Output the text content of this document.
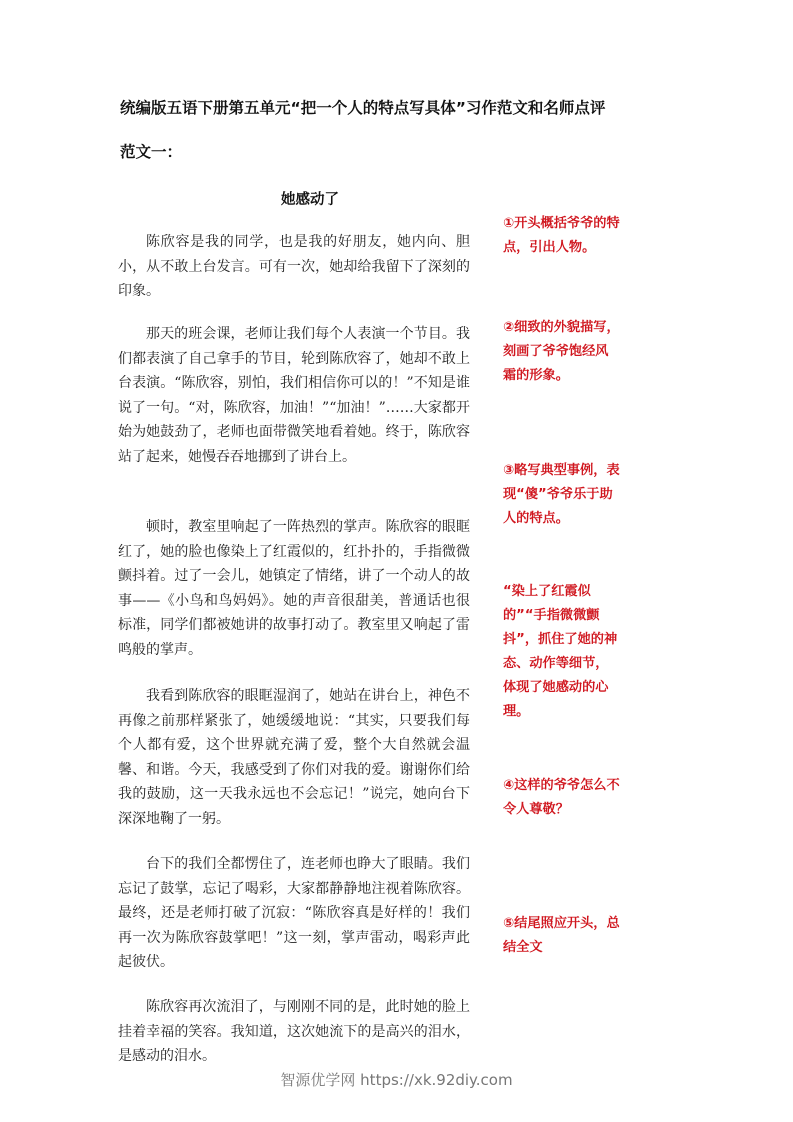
统编版五语下册第五单元“把一个人的特点写具体”习作范文和名师点评
范文一：
她感动了

陈欣容是我的同学，也是我的好朋友，她内向、胆小，从不敢上台发言。可有一次，她却给我留下了深刻的印象。

那天的班会课，老师让我们每个人表演一个节目。我们都表演了自己拿手的节目，轮到陈欣容了，她却不敢上台表演。“陈欣容，别怕，我们相信你可以的！”不知是谁说了一句。“对，陈欣容，加油！”“加油！”……大家都开始为她鼓劲了，老师也面带微笑地看着她。终于，陈欣容站了起来，她慢吞吞地挪到了讲台上。

顿时，教室里响起了一阵热烈的掌声。陈欣容的眼眶红了，她的脸也像染上了红霞似的，红扑扑的，手指微微颤抖着。过了一会儿，她镇定了情绪，讲了一个动人的故事——《小鸟和鸟妈妈》。她的声音很甜美，普通话也很标准，同学们都被她讲的故事打动了。教室里又响起了雷鸣般的掌声。

我看到陈欣容的眼眶湿润了，她站在讲台上，神色不再像之前那样紧张了，她缓缓地说：“其实，只要我们每个人都有爱，这个世界就充满了爱，整个大自然就会温馨、和谐。今天，我感受到了你们对我的爱。谢谢你们给我的鼓励，这一天我永远也不会忘记！”说完，她向台下深深地鞠了一躬。

台下的我们全都愣住了，连老师也睁大了眼睛。我们忘记了鼓掌，忘记了喝彩，大家都静静地注视着陈欣容。最终，还是老师打破了沉寂：“陈欣容真是好样的！我们再一次为陈欣容鼓掌吧！”这一刻，掌声雷动，喝彩声此起彼伏。

陈欣容再次流泪了，与刚刚不同的是，此时她的脸上挂着幸福的笑容。我知道，这次她流下的是高兴的泪水，是感动的泪水。

①开头概括爷爷的特点，引出人物。
②细致的外貌描写，刻画了爷爷饱经风霜的形象。
③略写典型事例，表现“傻”爷爷乐于助人的特点。
“染上了红霞似的”“手指微微颤抖”，抓住了她的神态、动作等细节，体现了她感动的心理。
④这样的爷爷怎么不令人尊敬？
⑤结尾照应开头，总结全文
智源优学网 https://xk.92diy.com
